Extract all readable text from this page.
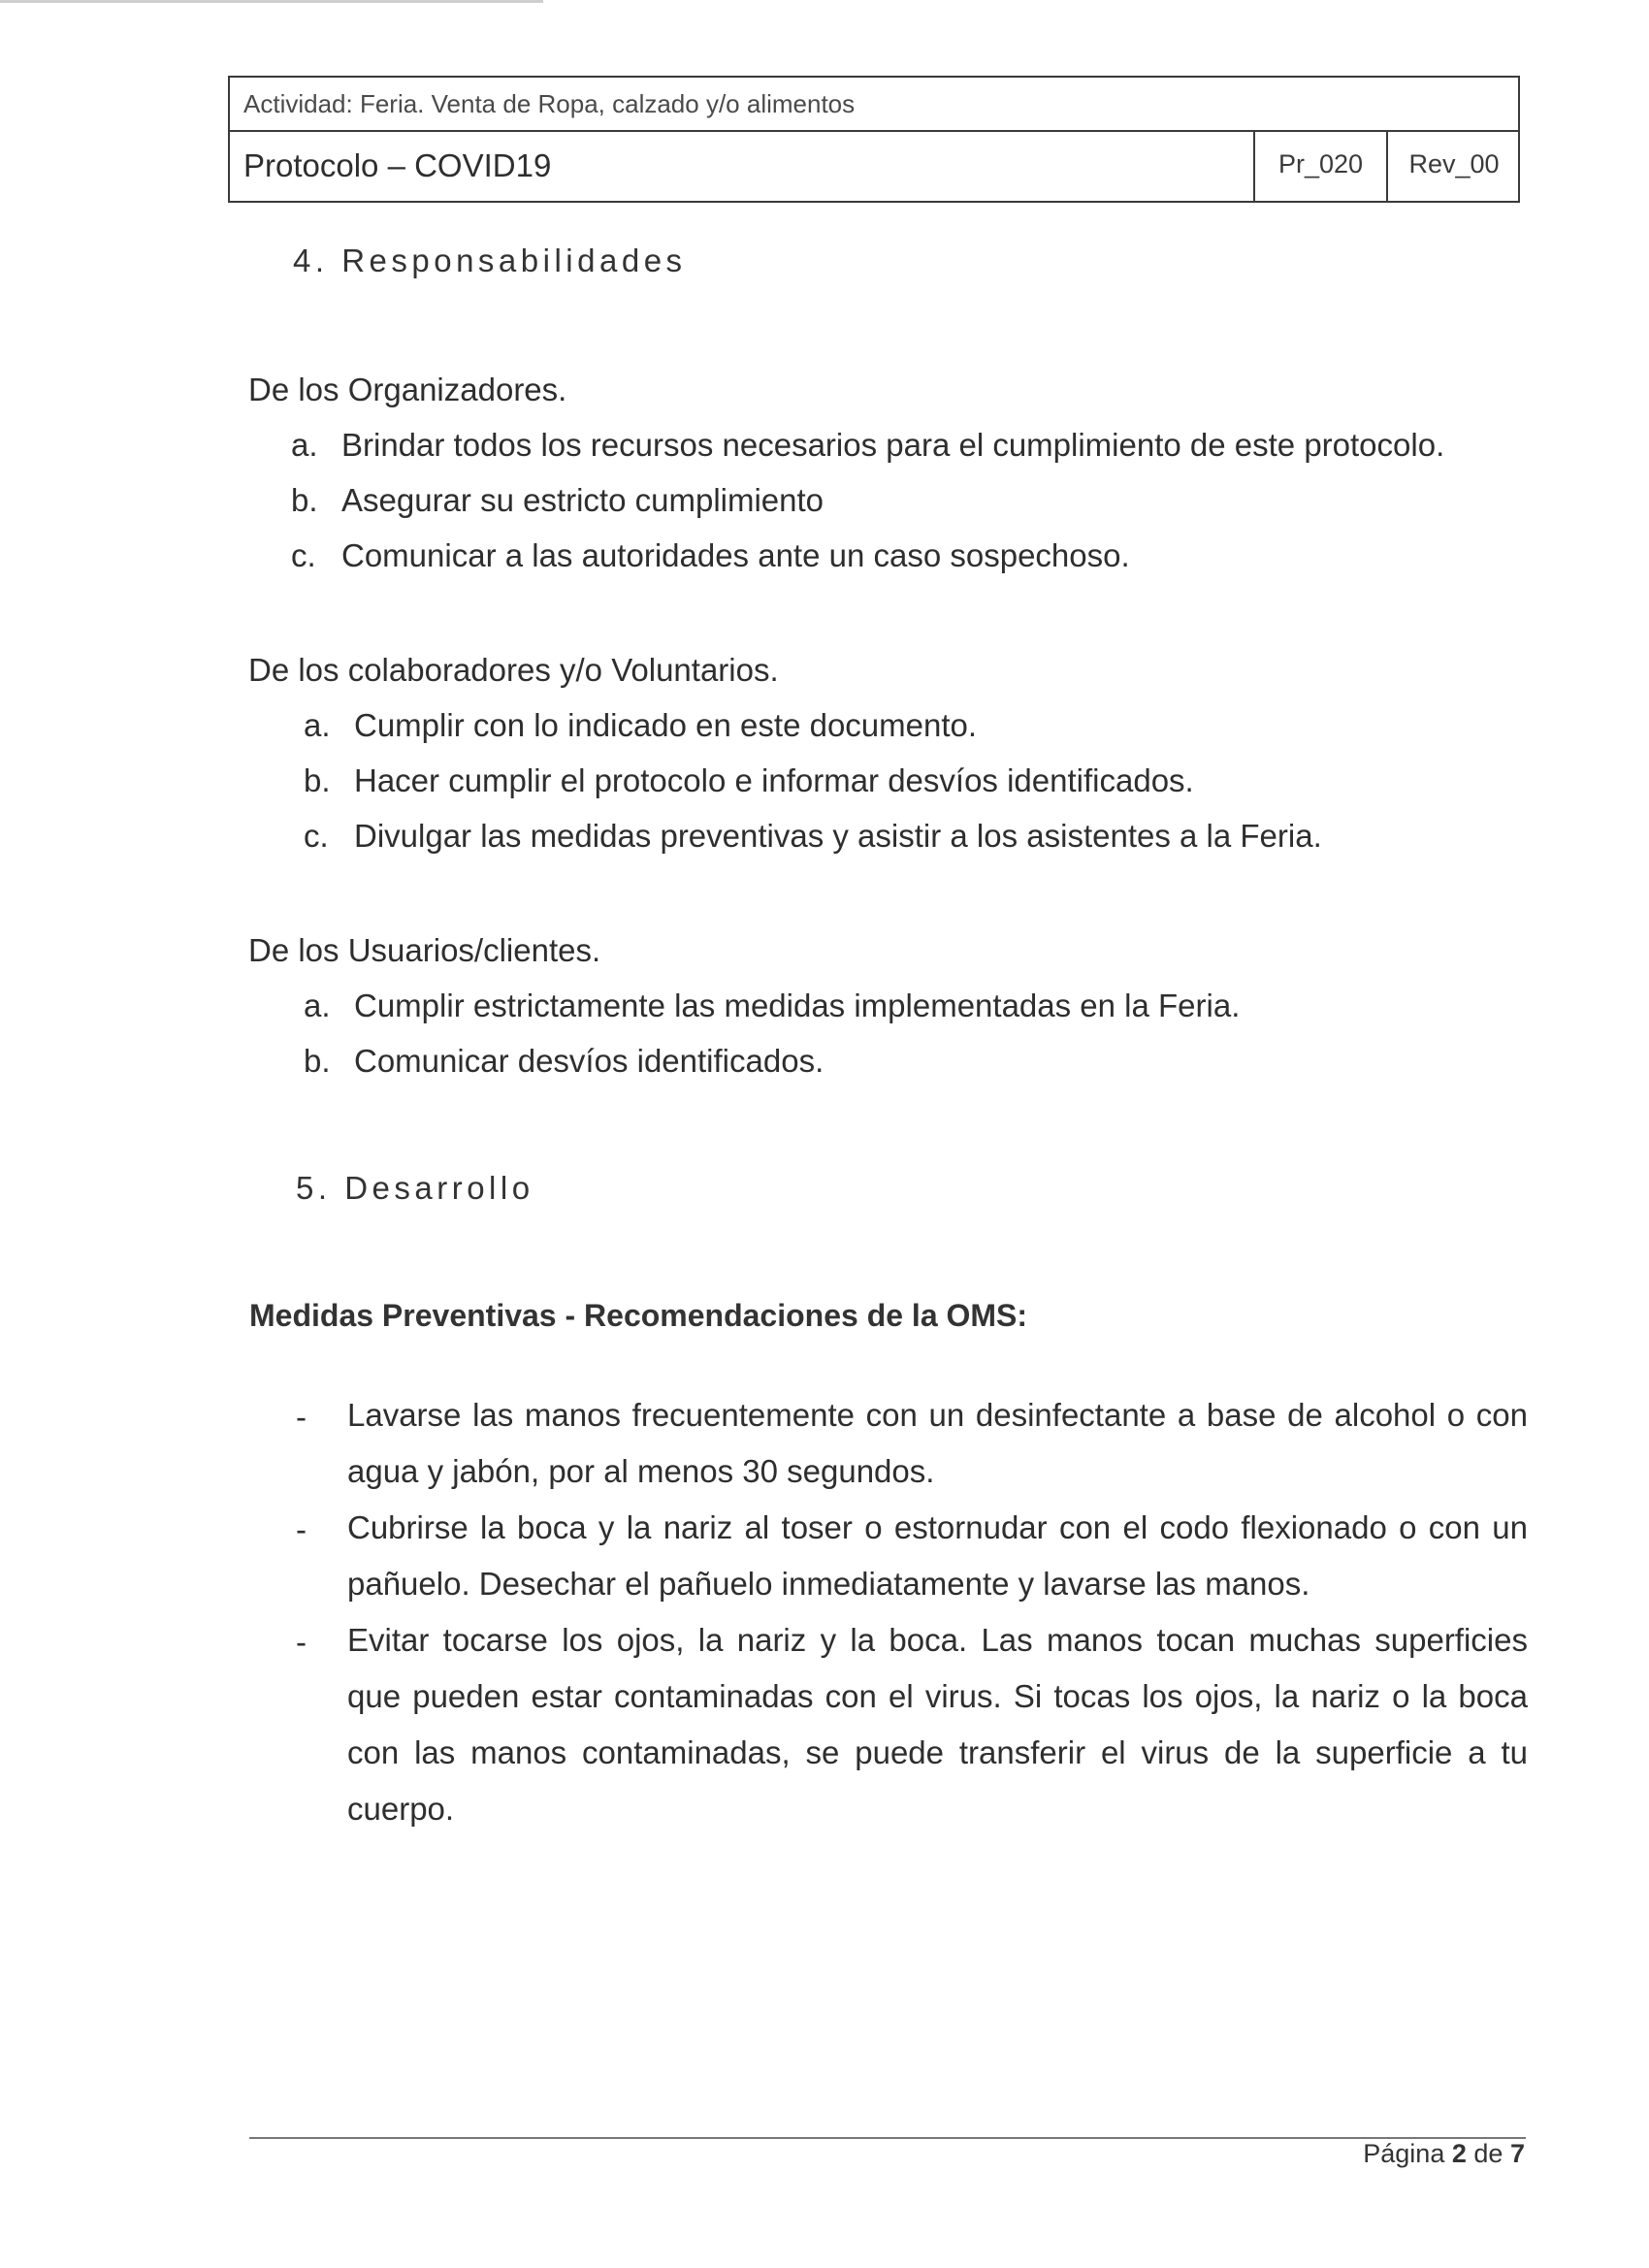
Actividad: Feria. Venta de Ropa, calzado y/o alimentos
Protocolo – COVID19	Pr_020	Rev_00
4. Responsabilidades
De los Organizadores.
a. Brindar todos los recursos necesarios para el cumplimiento de este protocolo.
b. Asegurar su estricto cumplimiento
c. Comunicar a las autoridades ante un caso sospechoso.
De los colaboradores y/o Voluntarios.
a. Cumplir con lo indicado en este documento.
b. Hacer cumplir el protocolo e informar desvíos identificados.
c. Divulgar las medidas preventivas y asistir a los asistentes a la Feria.
De los Usuarios/clientes.
a. Cumplir estrictamente las medidas implementadas en la Feria.
b. Comunicar desvíos identificados.
5. Desarrollo
Medidas Preventivas - Recomendaciones de la OMS:
- Lavarse las manos frecuentemente con un desinfectante a base de alcohol o con
agua y jabón, por al menos 30 segundos.
- Cubrirse la boca y la nariz al toser o estornudar con el codo flexionado o con un
pañuelo. Desechar el pañuelo inmediatamente y lavarse las manos.
- Evitar tocarse los ojos, la nariz y la boca. Las manos tocan muchas superficies
que pueden estar contaminadas con el virus. Si tocas los ojos, la nariz o la boca
con las manos contaminadas, se puede transferir el virus de la superficie a tu
cuerpo.
Página 2 de 7
